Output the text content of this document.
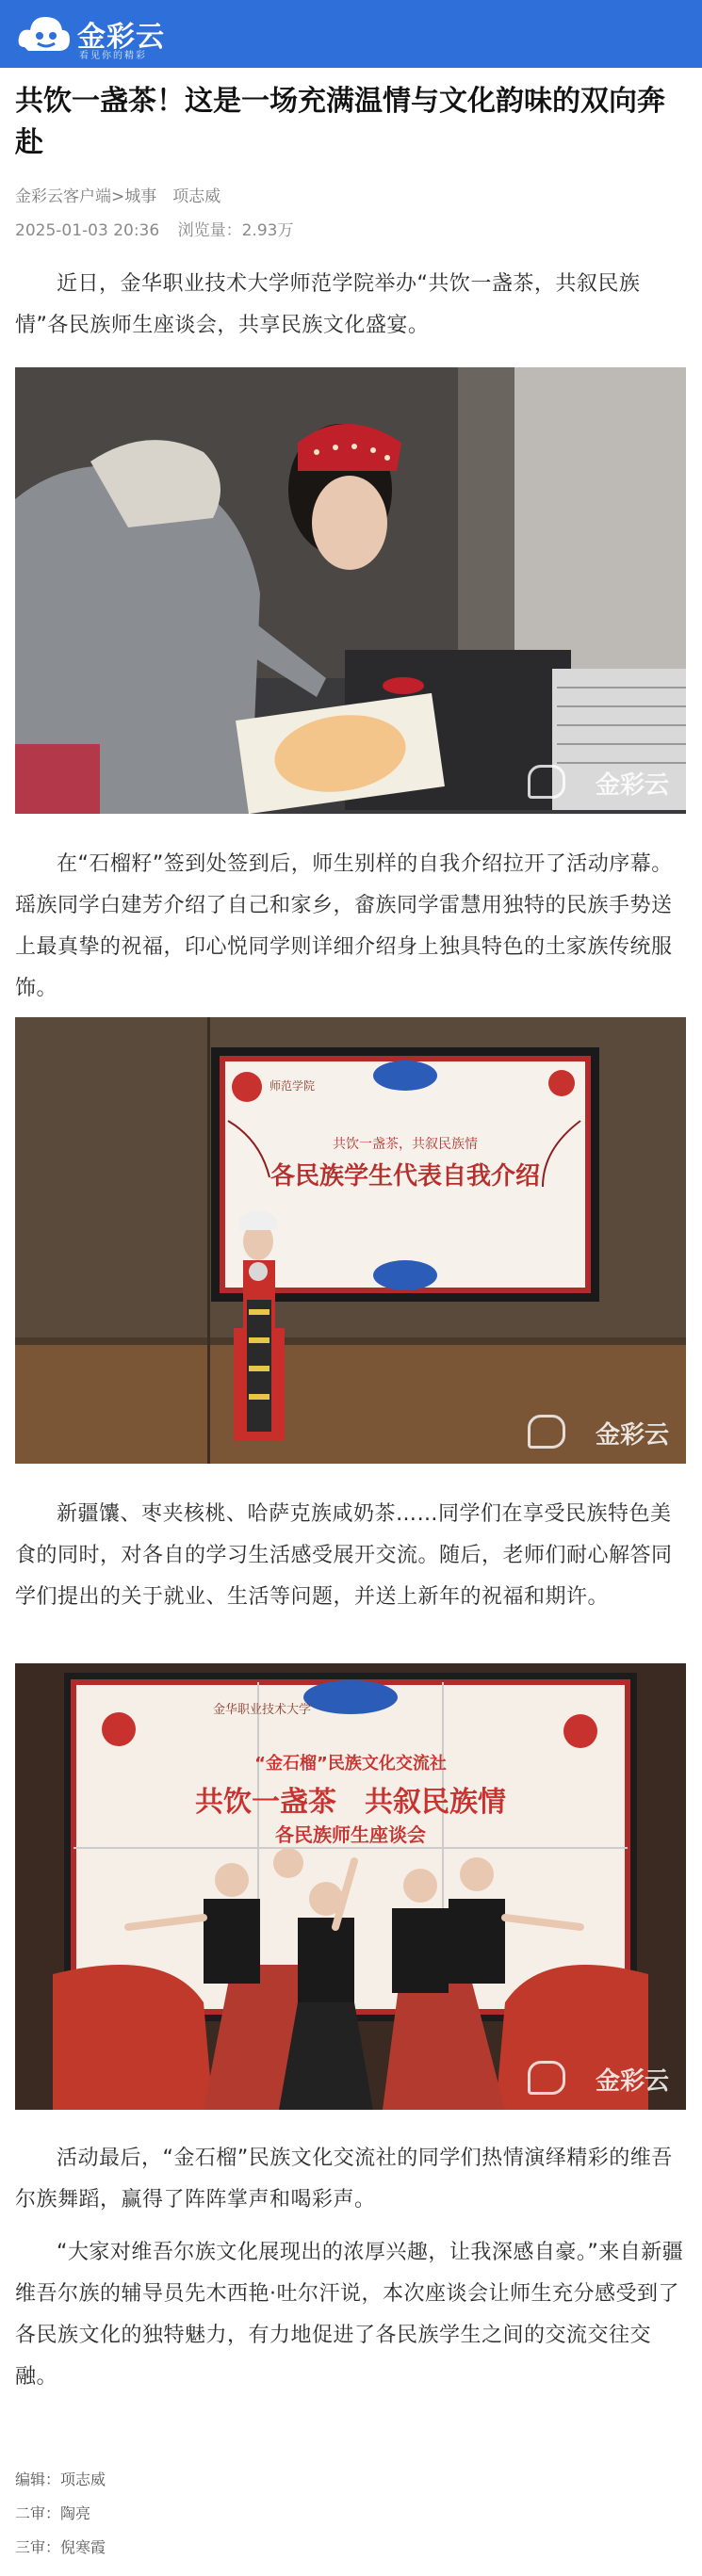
金彩云
看见你的精彩
共饮一盏茶！这是一场充满温情与文化韵味的双向奔赴
金彩云客户端>城事　项志威
2025-01-03 20:36 浏览量：2.93万

近日，金华职业技术大学师范学院举办“共饮一盏茶，共叙民族情”各民族师生座谈会，共享民族文化盛宴。

金彩云

在“石榴籽”签到处签到后，师生别样的自我介绍拉开了活动序幕。瑶族同学白建芳介绍了自己和家乡，畲族同学雷慧用独特的民族手势送上最真挚的祝福，印心悦同学则详细介绍身上独具特色的土家族传统服饰。

共饮一盏茶，共叙民族情
各民族学生代表自我介绍
师范学院
金彩云

新疆馕、枣夹核桃、哈萨克族咸奶茶……同学们在享受民族特色美食的同时，对各自的学习生活感受展开交流。随后，老师们耐心解答同学们提出的关于就业、生活等问题，并送上新年的祝福和期许。

“金石榴”民族文化交流社
共饮一盏茶　共叙民族情
各民族师生座谈会
金华职业技术大学
金彩云

活动最后，“金石榴”民族文化交流社的同学们热情演绎精彩的维吾尔族舞蹈，赢得了阵阵掌声和喝彩声。

“大家对维吾尔族文化展现出的浓厚兴趣，让我深感自豪。”来自新疆维吾尔族的辅导员先木西艳·吐尔汗说，本次座谈会让师生充分感受到了各民族文化的独特魅力，有力地促进了各民族学生之间的交流交往交融。

编辑：项志威
二审：陶亮
三审：倪寒霞
